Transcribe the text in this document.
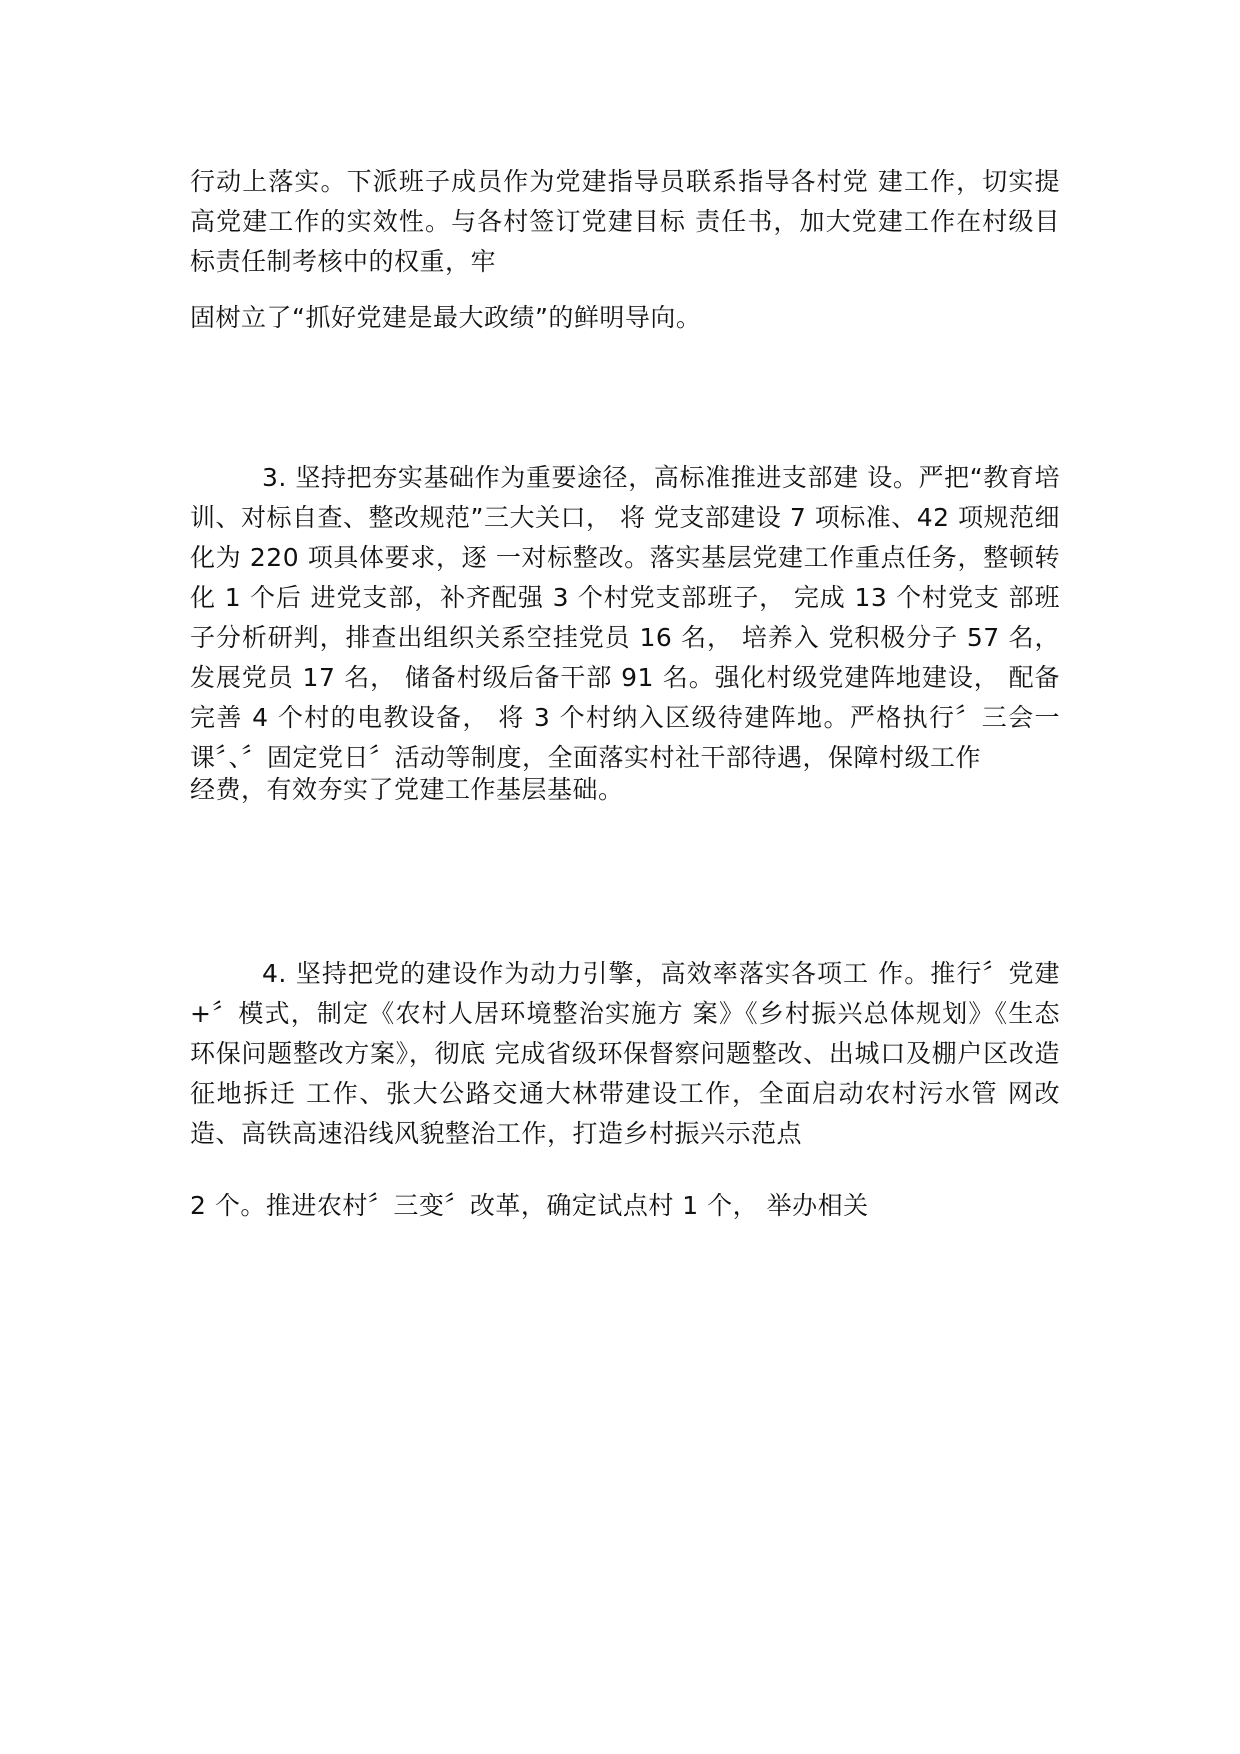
行动上落实。下派班子成员作为党建指导员联系指导各村党 建工作，切实提高党建工作的实效性。与各村签订党建目标 责任书，加大党建工作在村级目标责任制考核中的权重，牢

固树立了“抓好党建是最大政绩”的鲜明导向。

3. 坚持把夯实基础作为重要途径，高标准推进支部建 设。严把“教育培训、对标自查、整改规范”三大关口， 将 党支部建设 7 项标准、42 项规范细化为 220 项具体要求，逐 一对标整改。落实基层党建工作重点任务，整顿转化 1 个后 进党支部，补齐配强 3 个村党支部班子， 完成 13 个村党支 部班子分析研判，排查出组织关系空挂党员 16 名， 培养入 党积极分子 57 名， 发展党员 17 名， 储备村级后备干部 91 名。强化村级党建阵地建设， 配备完善 4 个村的电教设备， 将 3 个村纳入区级待建阵地。严格执行〞三会一课〞、〞固定党日〞活动等制度，全面落实村社干部待遇，保障村级工作

经费，有效夯实了党建工作基层基础。

4. 坚持把党的建设作为动力引擎，高效率落实各项工 作。推行〞党建+〞模式，制定《农村人居环境整治实施方 案》《乡村振兴总体规划》《生态环保问题整改方案》，彻底 完成省级环保督察问题整改、出城口及棚户区改造征地拆迁 工作、张大公路交通大林带建设工作，全面启动农村污水管 网改造、高铁高速沿线风貌整治工作，打造乡村振兴示范点

2 个。推进农村〞三变〞改革，确定试点村 1 个， 举办相关
